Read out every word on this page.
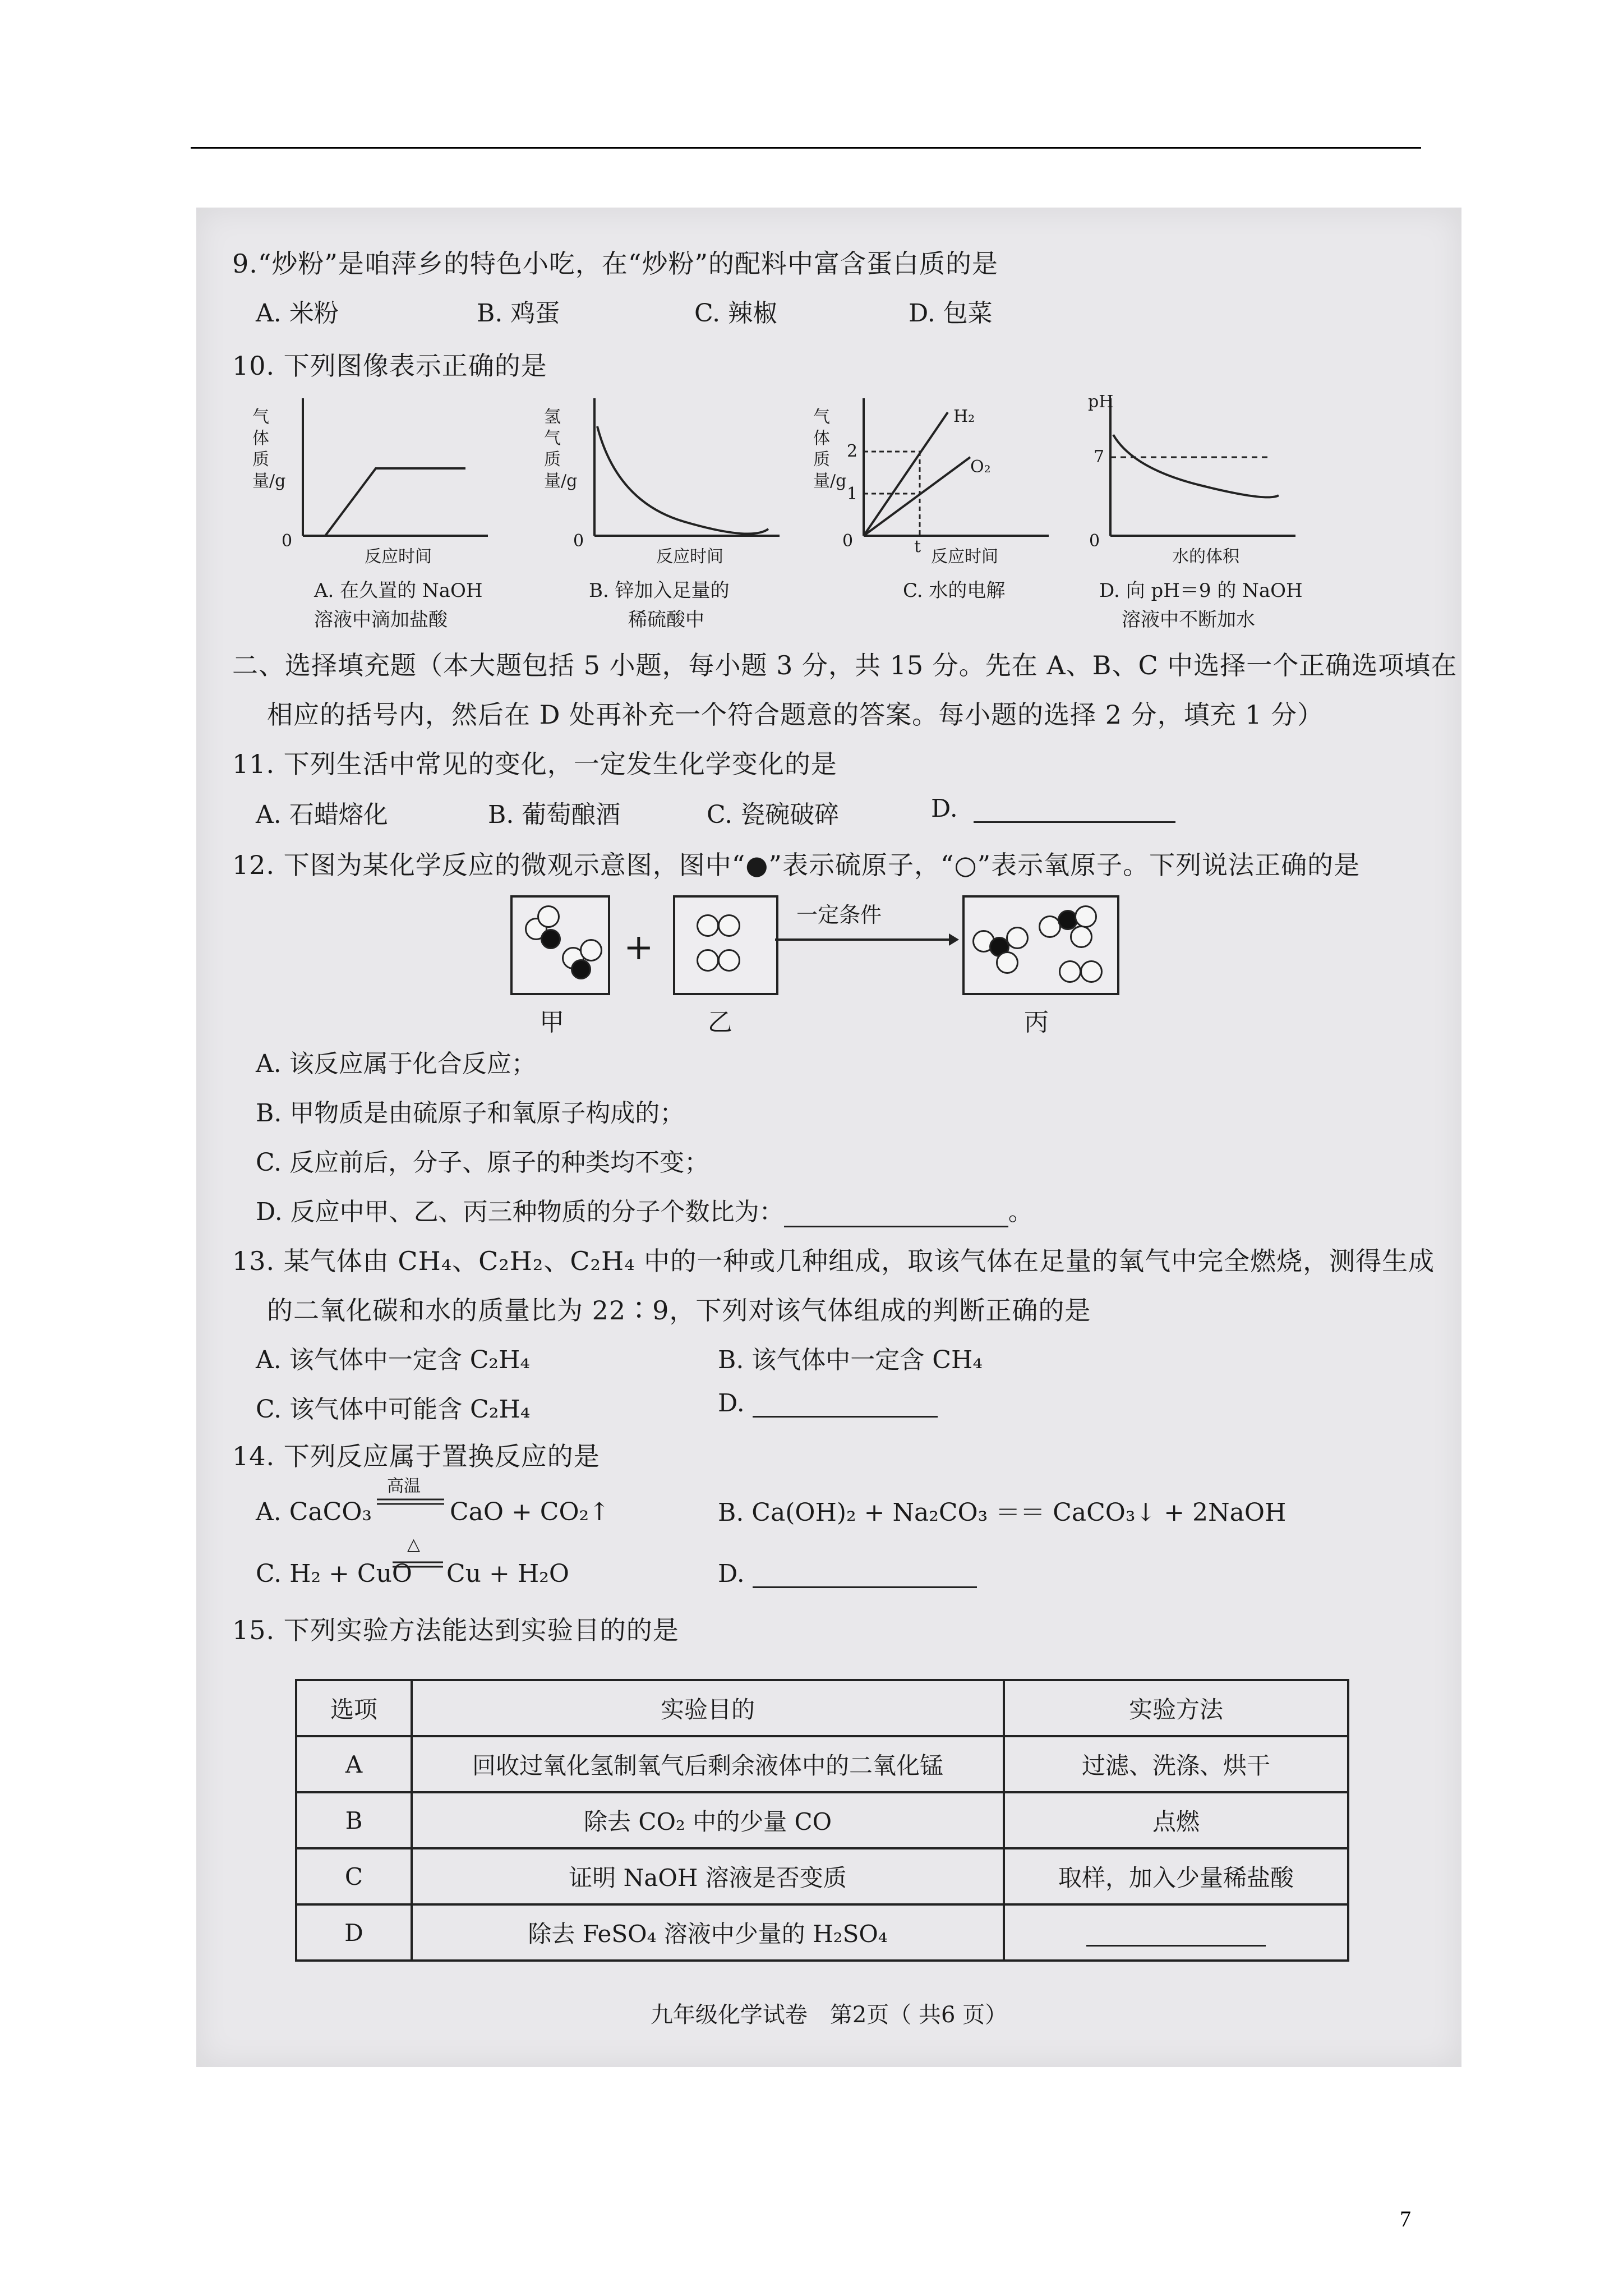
9.“炒粉”是咱萍乡的特色小吃，在“炒粉”的配料中富含蛋白质的是
A. 米粉	B. 鸡蛋	C. 辣椒	D. 包菜
10. 下列图像表示正确的是
气体质量/g
0
反应时间
A. 在久置的 NaOH
溶液中滴加盐酸
氢气质量/g
0
反应时间
B. 锌加入足量的
稀硫酸中
气体质量/g
0
2
1
t
H₂
O₂
反应时间
C. 水的电解
pH
7
0
水的体积
D. 向 pH＝9 的 NaOH
溶液中不断加水
二、选择填充题（本大题包括 5 小题，每小题 3 分，共 15 分。先在 A、B、C 中选择一个正确选项填在
相应的括号内，然后在 D 处再补充一个符合题意的答案。每小题的选择 2 分，填充 1 分）
11. 下列生活中常见的变化，一定发生化学变化的是
A. 石蜡熔化	B. 葡萄酿酒	C. 瓷碗破碎	D.
12. 下图为某化学反应的微观示意图，图中“●”表示硫原子，“○”表示氧原子。下列说法正确的是
+
一定条件
甲	乙	丙
A. 该反应属于化合反应；
B. 甲物质是由硫原子和氧原子构成的；
C. 反应前后，分子、原子的种类均不变；
D. 反应中甲、乙、丙三种物质的分子个数比为：	。
13. 某气体由 CH₄、C₂H₂、C₂H₄ 中的一种或几种组成，取该气体在足量的氧气中完全燃烧，测得生成
的二氧化碳和水的质量比为 22∶9，下列对该气体组成的判断正确的是
A. 该气体中一定含 C₂H₄	B. 该气体中一定含 CH₄
C. 该气体中可能含 C₂H₄	D.
14. 下列反应属于置换反应的是
A. CaCO₃
高温
CaO + CO₂↑	B. Ca(OH)₂ + Na₂CO₃ ＝＝ CaCO₃↓ + 2NaOH
C. H₂ + CuO
△
Cu + H₂O	D.
15. 下列实验方法能达到实验目的的是
选项	实验目的	实验方法
A	回收过氧化氢制氧气后剩余液体中的二氧化锰	过滤、洗涤、烘干
B	除去 CO₂ 中的少量 CO	点燃
C	证明 NaOH 溶液是否变质	取样，加入少量稀盐酸
D	除去 FeSO₄ 溶液中少量的 H₂SO₄	
九年级化学试卷　第2页（ 共6 页）
7
